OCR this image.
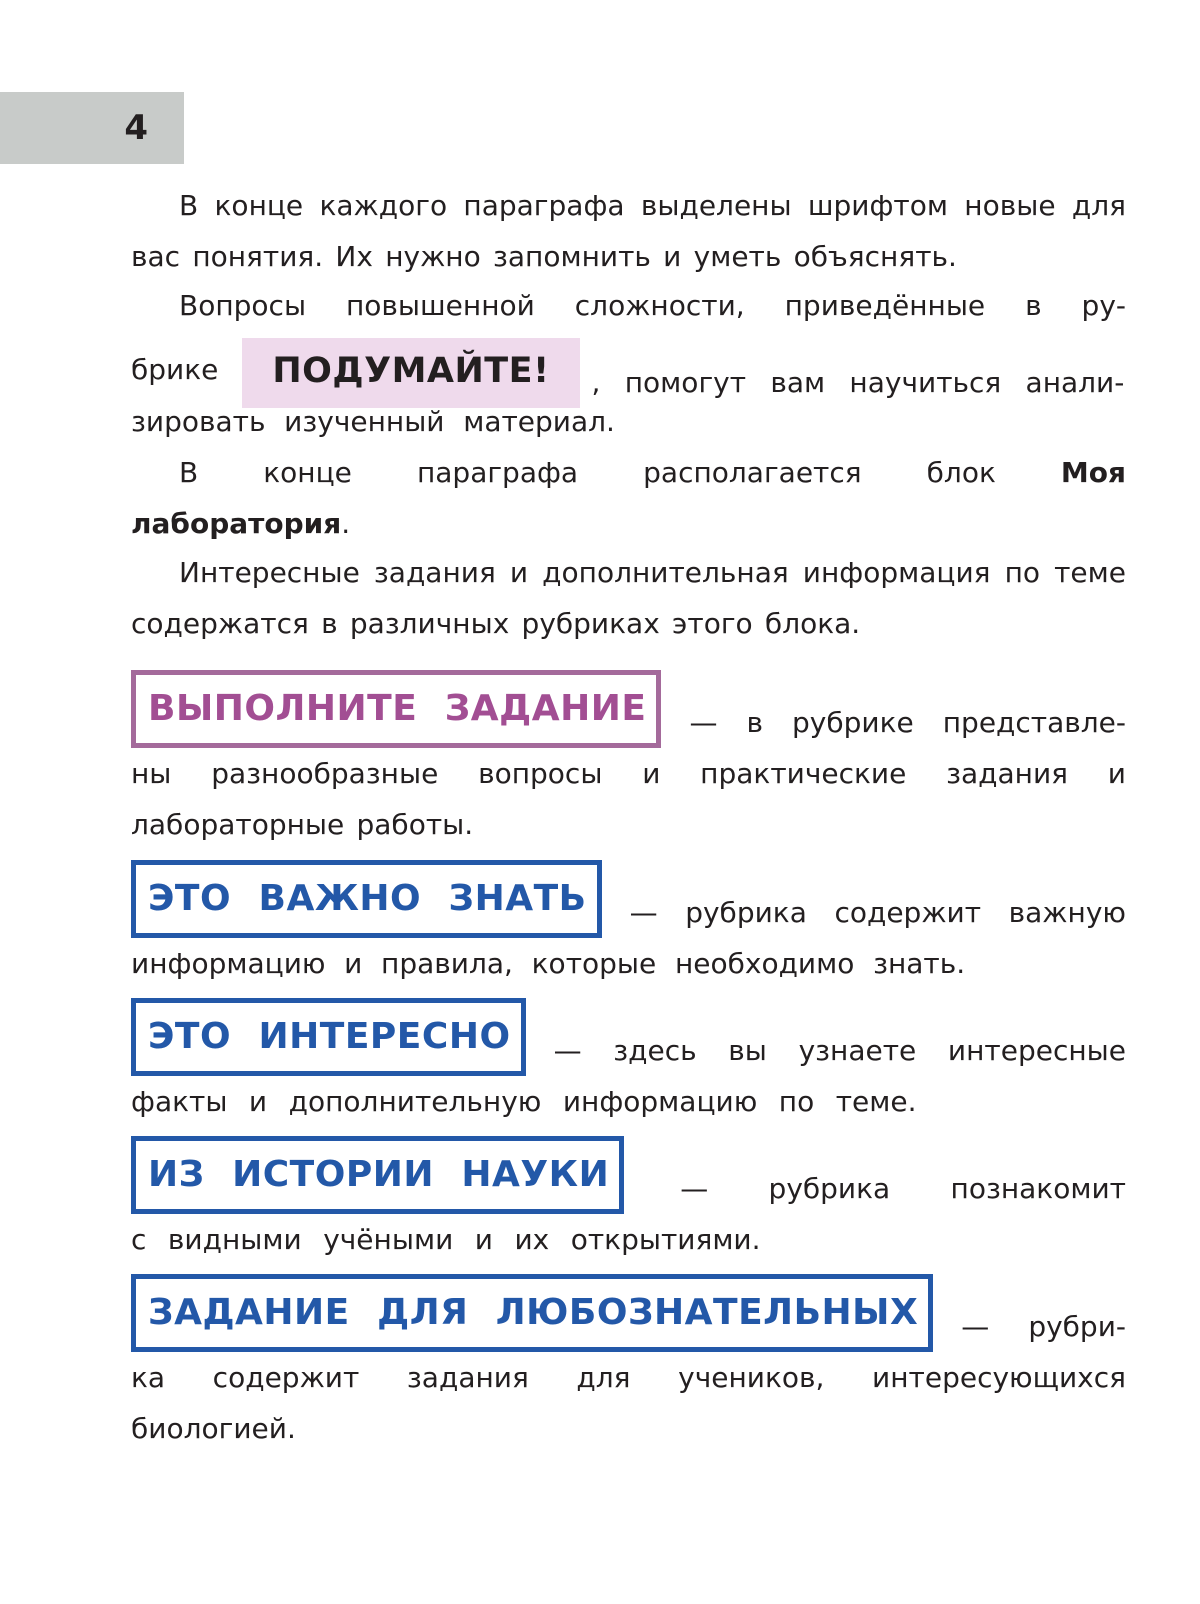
4

В конце каждого параграфа выделены шрифтом новые для вас понятия. Их нужно запомнить и уметь объяснять.

Вопросы повышенной сложности, приведённые в ру-

брике	ПОДУМАЙТЕ!	, помогут вам научиться анали-

зировать изученный материал.

В конце параграфа располагается блок Моя лаборатория.

Интересные задания и дополнительная информация по теме содержатся в различных рубриках этого блока.

ВЫПОЛНИТЕ ЗАДАНИЕ	— в рубрике представле-

ны разнообразные вопросы и практические задания и лабораторные работы.

ЭТО ВАЖНО ЗНАТЬ	— рубрика содержит важную

информацию и правила, которые необходимо знать.

ЭТО ИНТЕРЕСНО	— здесь вы узнаете интересные

факты и дополнительную информацию по теме.

ИЗ ИСТОРИИ НАУКИ	— рубрика познакомит

с видными учёными и их открытиями.

ЗАДАНИЕ ДЛЯ ЛЮБОЗНАТЕЛЬНЫХ	— рубри-

ка содержит задания для учеников, интересующихся биологией.
